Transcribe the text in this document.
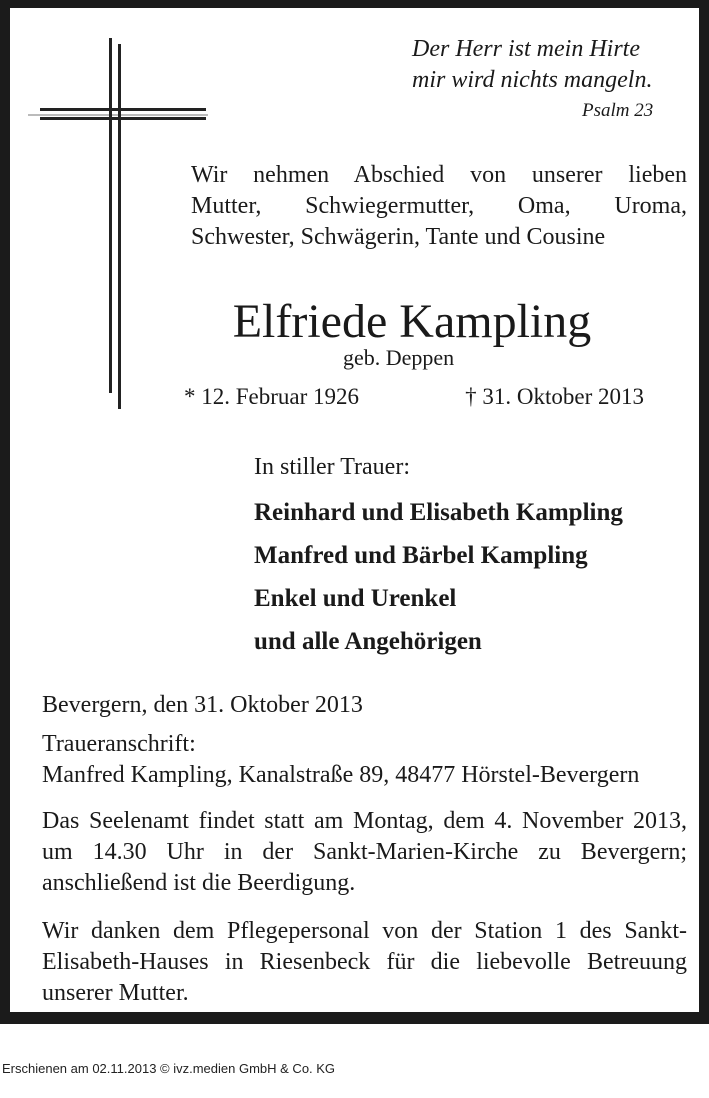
Der Herr ist mein Hirte
mir wird nichts mangeln.
Psalm 23
Wir nehmen Abschied von unserer lieben
Mutter, Schwiegermutter, Oma, Uroma,
Schwester, Schwägerin, Tante und Cousine
Elfriede Kampling
geb. Deppen
* 12. Februar 1926	† 31. Oktober 2013
In stiller Trauer:
Reinhard und Elisabeth Kampling
Manfred und Bärbel Kampling
Enkel und Urenkel
und alle Angehörigen
Bevergern, den 31. Oktober 2013
Traueranschrift:
Manfred Kampling, Kanalstraße 89, 48477 Hörstel-Bevergern
Das Seelenamt findet statt am Montag, dem 4. November 2013, um 14.30 Uhr in der Sankt-Marien-Kirche zu Bevergern; anschließend ist die Beerdigung.
Wir danken dem Pflegepersonal von der Station 1 des Sankt-Elisabeth-Hauses in Riesenbeck für die liebevolle Betreuung unserer Mutter.
Erschienen am 02.11.2013 © ivz.medien GmbH & Co. KG
